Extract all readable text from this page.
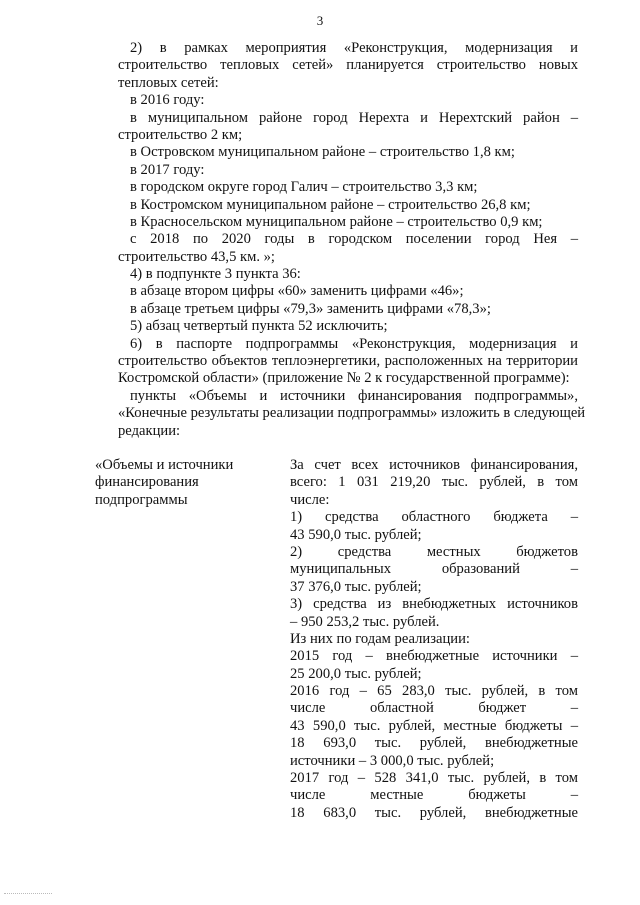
3
2) в рамках мероприятия «Реконструкция, модернизация и
строительство тепловых сетей» планируется строительство новых
тепловых сетей:
в 2016 году:
в муниципальном районе город Нерехта и Нерехтский район –
строительство 2 км;
в Островском муниципальном районе – строительство 1,8 км;
в 2017 году:
в городском округе город Галич – строительство 3,3 км;
в Костромском муниципальном районе – строительство 26,8 км;
в Красносельском муниципальном районе – строительство 0,9 км;
с 2018 по 2020 годы в городском поселении город Нея –
строительство 43,5 км. »;
4) в подпункте 3 пункта 36:
в абзаце втором цифры «60» заменить цифрами «46»;
в абзаце третьем цифры «79,3» заменить цифрами «78,3»;
5) абзац четвертый пункта 52 исключить;
6) в паспорте подпрограммы «Реконструкция, модернизация и
строительство объектов теплоэнергетики, расположенных на территории
Костромской области» (приложение № 2 к государственной программе):
пункты «Объемы и источники финансирования подпрограммы»,
«Конечные результаты реализации подпрограммы» изложить в следующей
редакции:
«Объемы и источники
финансирования
подпрограммы
За счет всех источников финансирования,
всего: 1 031 219,20 тыс. рублей, в том
числе:
1) средства областного бюджета –
43 590,0 тыс. рублей;
2) средства местных бюджетов
муниципальных образований –
37 376,0 тыс. рублей;
3) средства из внебюджетных источников
– 950 253,2 тыс. рублей.
Из них по годам реализации:
2015 год – внебюджетные источники –
25 200,0 тыс. рублей;
2016 год – 65 283,0 тыс. рублей, в том
числе областной бюджет –
43 590,0 тыс. рублей, местные бюджеты –
18 693,0 тыс. рублей, внебюджетные
источники – 3 000,0 тыс. рублей;
2017 год – 528 341,0 тыс. рублей, в том
числе местные бюджеты –
18 683,0 тыс. рублей, внебюджетные
